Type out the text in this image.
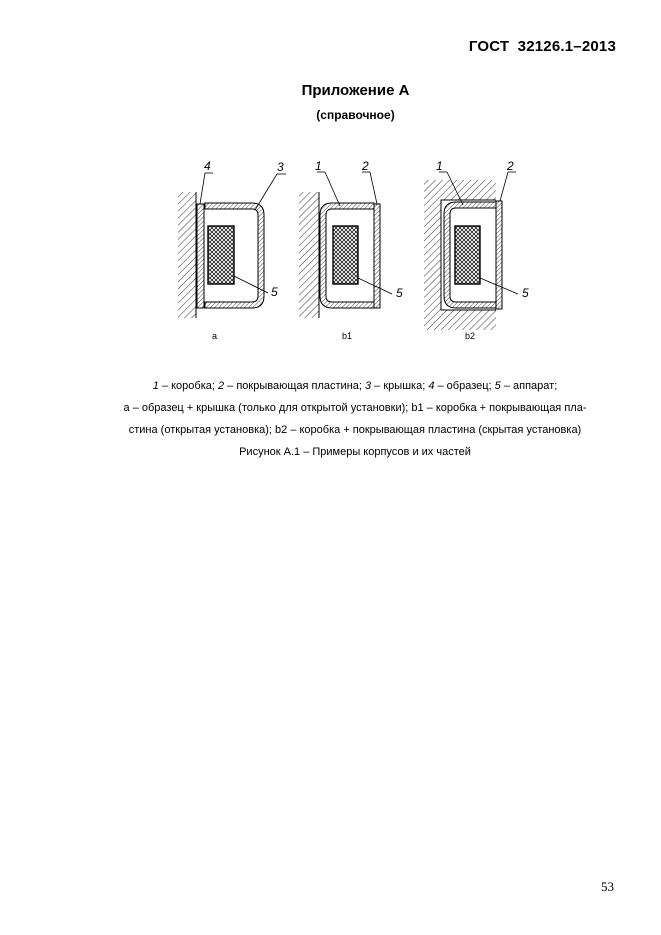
ГОСТ 32126.1–2013
Приложение А
(справочное)
4	3
5
a
1	2
5
b1
1	2
5
b2
1 – коробка; 2 – покрывающая пластина; 3 – крышка; 4 – образец; 5 – аппарат;
а – образец + крышка (только для открытой установки); b1 – коробка + покрывающая пла-
стина (открытая установка); b2 – коробка + покрывающая пластина (скрытая установка)
Рисунок А.1 – Примеры корпусов и их частей
53
